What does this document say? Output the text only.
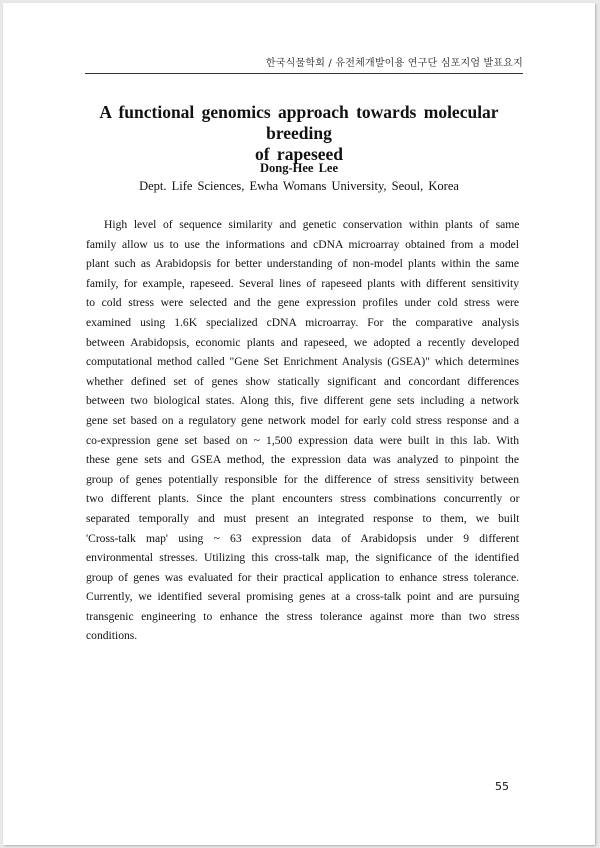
한국식물학회 / 유전체개발이용 연구단 심포지엄 발표요지
A functional genomics approach towards molecular breeding
of rapeseed
Dong-Hee Lee
Dept. Life Sciences, Ewha Womans University, Seoul, Korea
High level of sequence similarity and genetic conservation within plants of same
family allow us to use the informations and cDNA microarray obtained from a model
plant such as Arabidopsis for better understanding of non-model plants within the same
family, for example, rapeseed. Several lines of rapeseed plants with different sensitivity
to cold stress were selected and the gene expression profiles under cold stress were
examined using 1.6K specialized cDNA microarray. For the comparative analysis
between Arabidopsis, economic plants and rapeseed, we adopted a recently developed
computational method called "Gene Set Enrichment Analysis (GSEA)" which determines
whether defined set of genes show statically significant and concordant differences
between two biological states. Along this, five different gene sets including a network
gene set based on a regulatory gene network model for early cold stress response and a
co-expression gene set based on ~ 1,500 expression data were built in this lab. With
these gene sets and GSEA method, the expression data was analyzed to pinpoint the
group of genes potentially responsible for the difference of stress sensitivity between
two different plants. Since the plant encounters stress combinations concurrently or
separated temporally and must present an integrated response to them, we built
'Cross-talk map' using ~ 63 expression data of Arabidopsis under 9 different
environmental stresses. Utilizing this cross-talk map, the significance of the identified
group of genes was evaluated for their practical application to enhance stress tolerance.
Currently, we identified several promising genes at a cross-talk point and are pursuing
transgenic engineering to enhance the stress tolerance against more than two stress
conditions.
55
